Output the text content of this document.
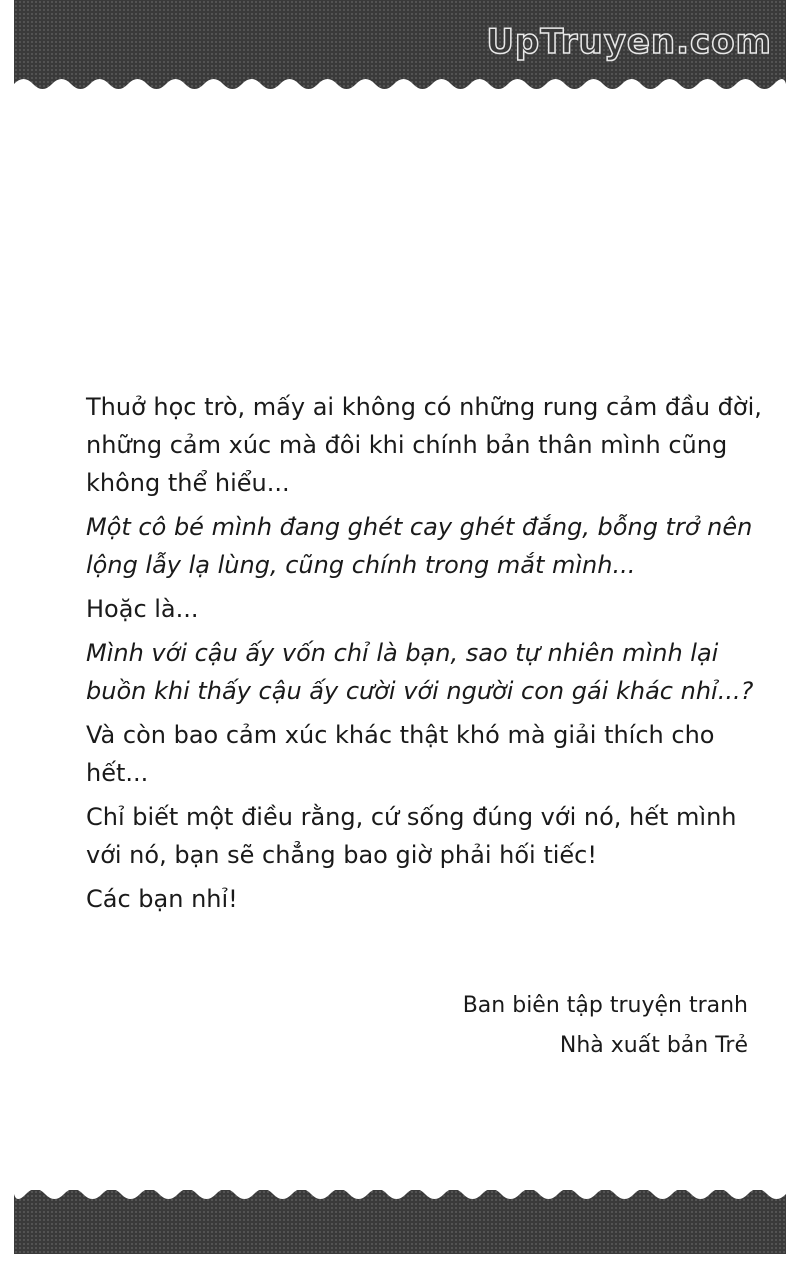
UpTruyen.com

Thuở học trò, mấy ai không có những rung cảm đầu đời, những cảm xúc mà đôi khi chính bản thân mình cũng không thể hiểu...

Một cô bé mình đang ghét cay ghét đắng, bỗng trở nên lộng lẫy lạ lùng, cũng chính trong mắt mình...

Hoặc là...

Mình với cậu ấy vốn chỉ là bạn, sao tự nhiên mình lại buồn khi thấy cậu ấy cười với người con gái khác nhỉ...?

Và còn bao cảm xúc khác thật khó mà giải thích cho hết...

Chỉ biết một điều rằng, cứ sống đúng với nó, hết mình với nó, bạn sẽ chẳng bao giờ phải hối tiếc!

Các bạn nhỉ!

Ban biên tập truyện tranh
Nhà xuất bản Trẻ
